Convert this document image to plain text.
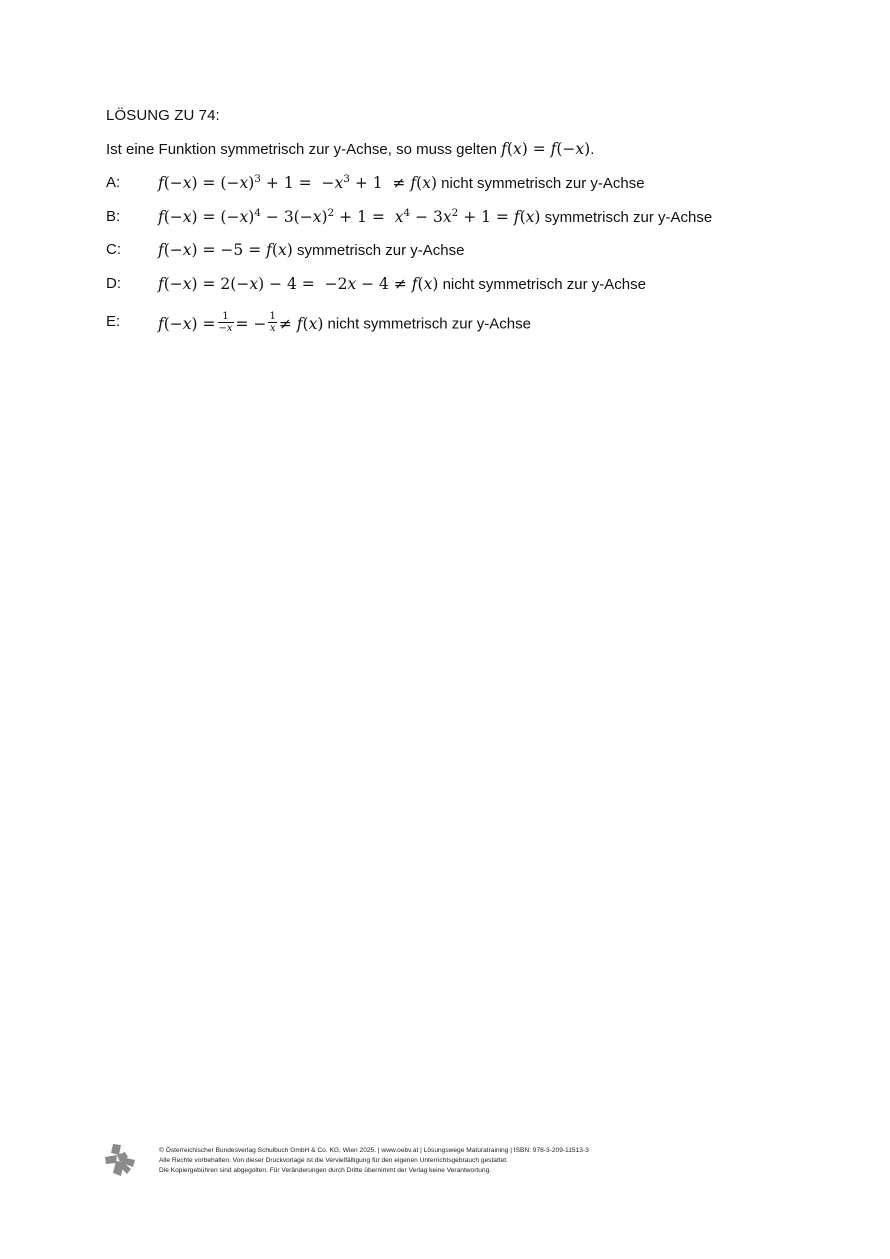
LÖSUNG ZU 74:
Ist eine Funktion symmetrisch zur y-Achse, so muss gelten f(x) = f(−x).
A: $f(-x) = (-x)^3 + 1 = -x^3 + 1 \ne f(x)$ nicht symmetrisch zur y-Achse
B: $f(-x) = (-x)^4 - 3(-x)^2 + 1 = x^4 - 3x^2 + 1 = f(x)$ symmetrisch zur y-Achse
C: f(−x) = −5 = f(x) symmetrisch zur y-Achse
D: f(−x) = 2(−x) − 4 =  −2x − 4 ≠ f(x) nicht symmetrisch zur y-Achse
E: $f(-x) = \frac{1}{-x}$ = − $\frac{1}{x} \ne f(x)$ nicht symmetrisch zur y-Achse
© Österreichischer Bundesverlag Schulbuch GmbH & Co. KG, Wien 2025. | www.oebv.at | Lösungswege Maturatraining | ISBN: 978-3-209-11513-3
Alle Rechte vorbehalten. Von dieser Druckvorlage ist die Vervielfältigung für den eigenen Unterrichtsgebrauch gestattet.
Die Kopiergebühren sind abgegolten. Für Veränderungen durch Dritte übernimmt der Verlag keine Verantwortung.
